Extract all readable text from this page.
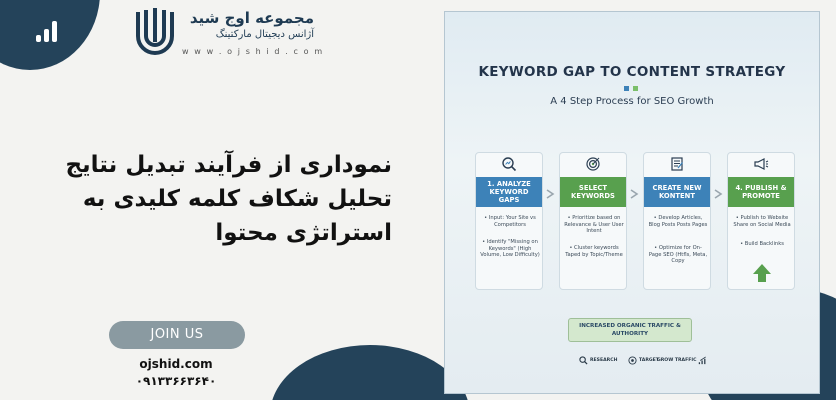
مجموعه اوج شید
آژانس دیجیتال مارکتینگ
w w w . o j s h i d . c o m
نموداری از فرآیند تبدیل نتایج
تحلیل شکاف کلمه کلیدی به
استراتژی محتوا
JOIN US
ojshid.com
۰۹۱۳۳۶۶۳۶۴۰
KEYWORD GAP TO CONTENT STRATEGY
A 4 Step Process for SEO Growth
1. ANALYZE KEYWORD GAPS
• Input: Your Site vs Competitors
• Identify "Missing on Keywords" (High Volume, Low Difficulty)
SELECT KEYWORDS
• Prioritize based on Relevance & User User Intent
• Cluster keywords Taped by Topic/Theme
CREATE NEW KONTENT
• Develop Articles, Blog Posts Posts Pages
• Optimize for On-Page SEO (Htfls, Meta, Copy
4. PUBLISH & PROMOTE
• Publish to Website Share on Social Media
• Build Backlinks
INCREASED ORGANIC TRAFFIC & AUTHORITY
RESEARCH	TARGET
GROW TRAFFIC
